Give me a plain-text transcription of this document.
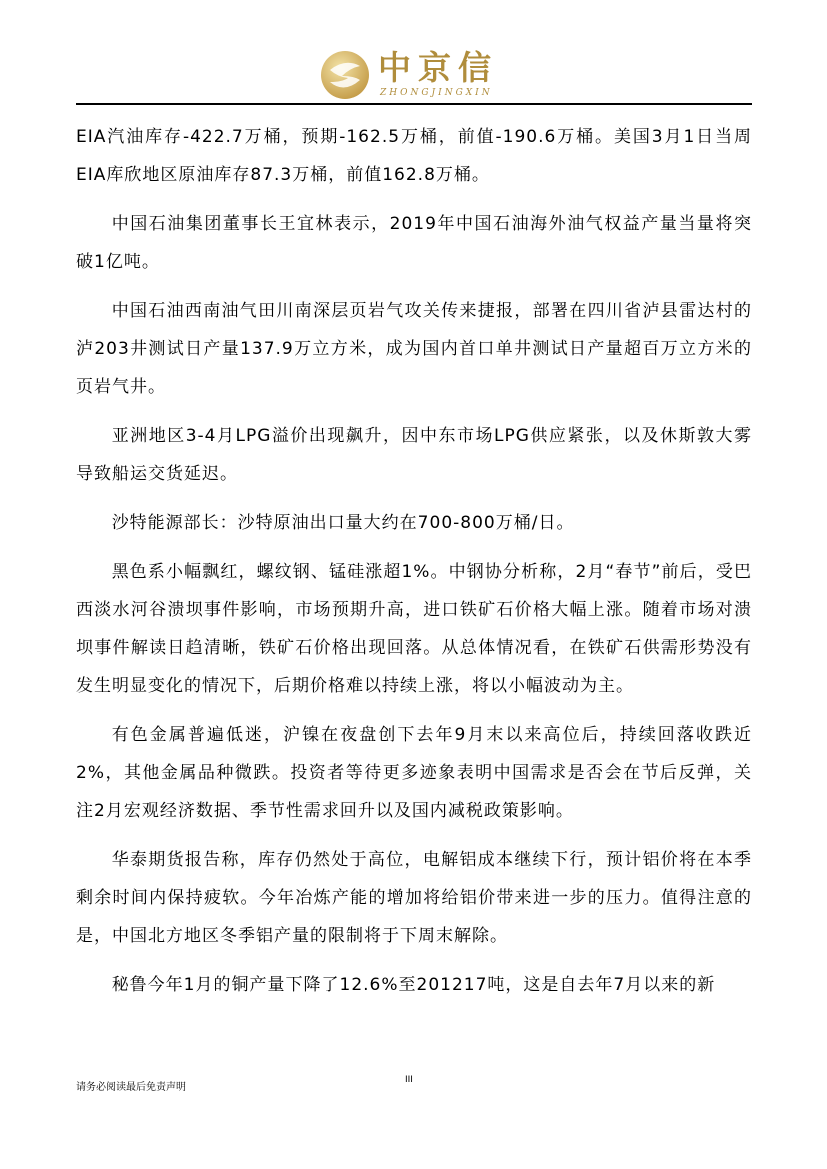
中京信
ZHONGJINGXIN

EIA汽油库存-422.7万桶，预期-162.5万桶，前值-190.6万桶。美国3月1日当周EIA库欣地区原油库存87.3万桶，前值162.8万桶。

中国石油集团董事长王宜林表示，2019年中国石油海外油气权益产量当量将突破1亿吨。

中国石油西南油气田川南深层页岩气攻关传来捷报，部署在四川省泸县雷达村的泸203井测试日产量137.9万立方米，成为国内首口单井测试日产量超百万立方米的页岩气井。

亚洲地区3-4月LPG溢价出现飙升，因中东市场LPG供应紧张，以及休斯敦大雾导致船运交货延迟。

沙特能源部长：沙特原油出口量大约在700-800万桶/日。

黑色系小幅飘红，螺纹钢、锰硅涨超1%。中钢协分析称，2月“春节”前后，受巴西淡水河谷溃坝事件影响，市场预期升高，进口铁矿石价格大幅上涨。随着市场对溃坝事件解读日趋清晰，铁矿石价格出现回落。从总体情况看，在铁矿石供需形势没有发生明显变化的情况下，后期价格难以持续上涨，将以小幅波动为主。

有色金属普遍低迷，沪镍在夜盘创下去年9月末以来高位后，持续回落收跌近2%，其他金属品种微跌。投资者等待更多迹象表明中国需求是否会在节后反弹，关注2月宏观经济数据、季节性需求回升以及国内减税政策影响。

华泰期货报告称，库存仍然处于高位，电解铝成本继续下行，预计铝价将在本季剩余时间内保持疲软。今年冶炼产能的增加将给铝价带来进一步的压力。值得注意的是，中国北方地区冬季铝产量的限制将于下周末解除。

秘鲁今年1月的铜产量下降了12.6%至201217吨，这是自去年7月以来的新

请务必阅读最后免责声明
III
